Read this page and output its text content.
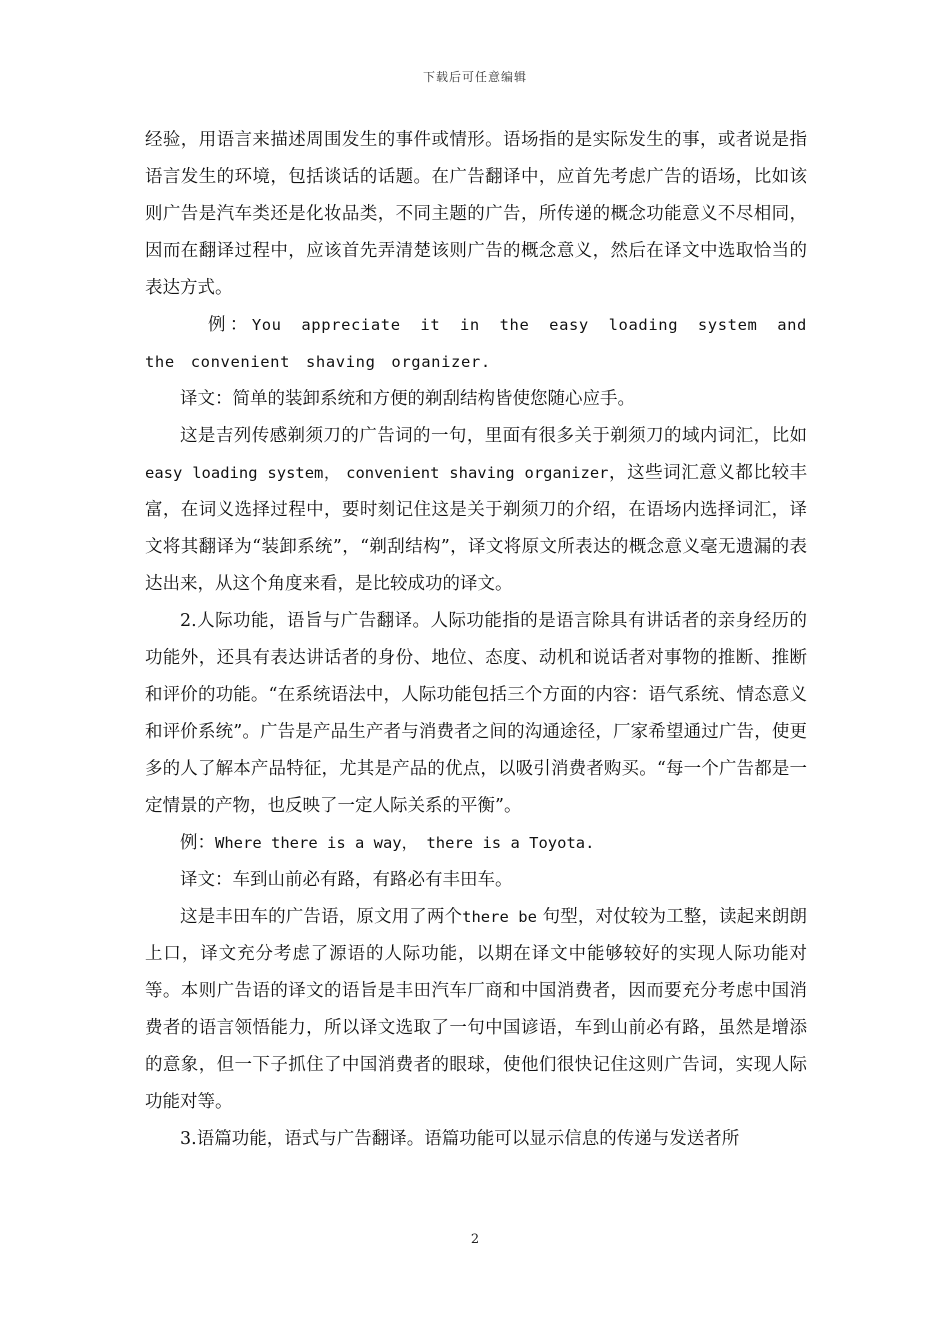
下载后可任意编辑

经验，用语言来描述周围发生的事件或情形。语场指的是实际发生的事，或者说是指语言发生的环境，包括谈话的话题。在广告翻译中，应首先考虑广告的语场，比如该则广告是汽车类还是化妆品类，不同主题的广告，所传递的概念功能意义不尽相同，因而在翻译过程中，应该首先弄清楚该则广告的概念意义，然后在译文中选取恰当的表达方式。

例：You appreciate it in the easy loading system and the convenient shaving organizer.

译文：简单的装卸系统和方便的剃刮结构皆使您随心应手。

这是吉列传感剃须刀的广告词的一句，里面有很多关于剃须刀的域内词汇，比如easy loading system， convenient shaving organizer，这些词汇意义都比较丰富，在词义选择过程中，要时刻记住这是关于剃须刀的介绍，在语场内选择词汇，译文将其翻译为“装卸系统”，“剃刮结构”，译文将原文所表达的概念意义毫无遗漏的表达出来，从这个角度来看，是比较成功的译文。

2.人际功能，语旨与广告翻译。人际功能指的是语言除具有讲话者的亲身经历的功能外，还具有表达讲话者的身份、地位、态度、动机和说话者对事物的推断、推断和评价的功能。“在系统语法中，人际功能包括三个方面的内容：语气系统、情态意义和评价系统”。广告是产品生产者与消费者之间的沟通途径，厂家希望通过广告，使更多的人了解本产品特征，尤其是产品的优点，以吸引消费者购买。“每一个广告都是一定情景的产物，也反映了一定人际关系的平衡”。

例：Where there is a way， there is a Toyota.

译文：车到山前必有路，有路必有丰田车。

这是丰田车的广告语，原文用了两个there be 句型，对仗较为工整，读起来朗朗上口，译文充分考虑了源语的人际功能，以期在译文中能够较好的实现人际功能对等。本则广告语的译文的语旨是丰田汽车厂商和中国消费者，因而要充分考虑中国消费者的语言领悟能力，所以译文选取了一句中国谚语，车到山前必有路，虽然是增添的意象，但一下子抓住了中国消费者的眼球，使他们很快记住这则广告词，实现人际功能对等。

3.语篇功能，语式与广告翻译。语篇功能可以显示信息的传递与发送者所

2
